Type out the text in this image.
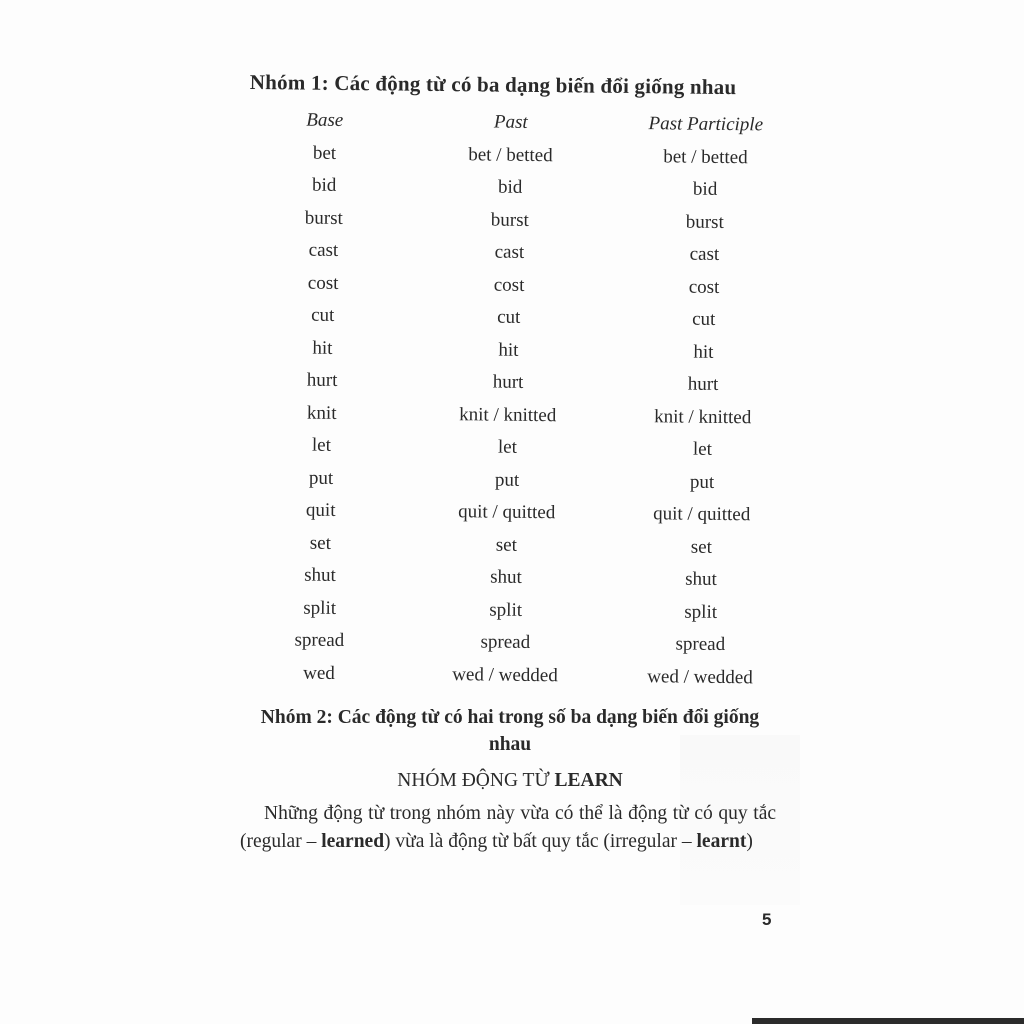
Nhóm 1: Các động từ có ba dạng biến đổi giống nhau
Base	Past	Past Participle
bet	bet / betted	bet / betted
bid	bid	bid
burst	burst	burst
cast	cast	cast
cost	cost	cost
cut	cut	cut
hit	hit	hit
hurt	hurt	hurt
knit	knit / knitted	knit / knitted
let	let	let
put	put	put
quit	quit / quitted	quit / quitted
set	set	set
shut	shut	shut
split	split	split
spread	spread	spread
wed	wed / wedded	wed / wedded
Nhóm 2: Các động từ có hai trong số ba dạng biến đổi giống nhau
NHÓM ĐỘNG TỪ LEARN
Những động từ trong nhóm này vừa có thể là động từ có quy tắc (regular – learned) vừa là động từ bất quy tắc (irregular – learnt)
5
